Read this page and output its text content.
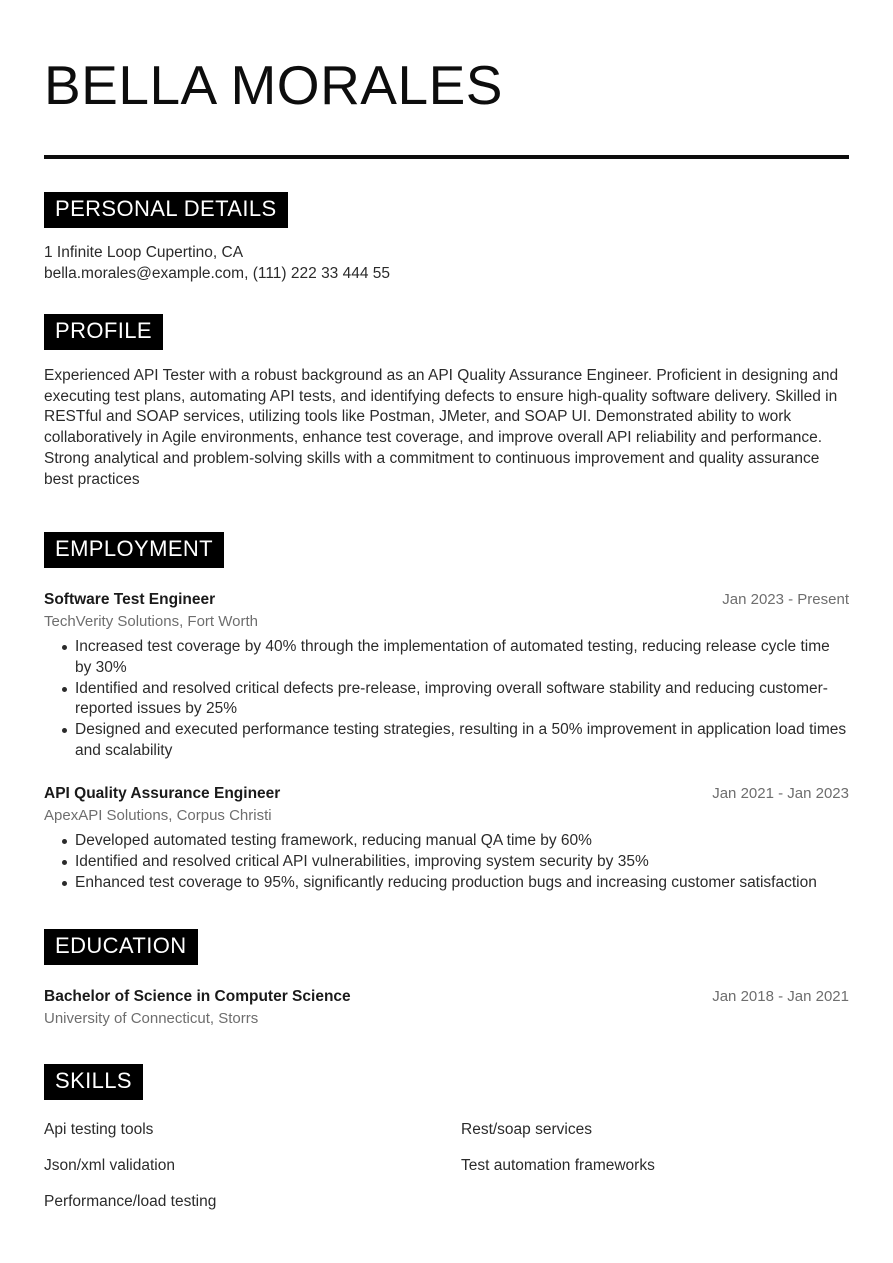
BELLA MORALES
PERSONAL DETAILS

1 Infinite Loop Cupertino, CA

bella.morales@example.com, (111) 222 33 444 55

PROFILE

Experienced API Tester with a robust background as an API Quality Assurance Engineer. Proficient in designing and executing test plans, automating API tests, and identifying defects to ensure high-quality software delivery. Skilled in RESTful and SOAP services, utilizing tools like Postman, JMeter, and SOAP UI. Demonstrated ability to work collaboratively in Agile environments, enhance test coverage, and improve overall API reliability and performance. Strong analytical and problem-solving skills with a commitment to continuous improvement and quality assurance best practices

EMPLOYMENT
Software Test Engineer	Jan 2023 - Present
TechVerity Solutions, Fort Worth
Increased test coverage by 40% through the implementation of automated testing, reducing release cycle time by 30%
Identified and resolved critical defects pre-release, improving overall software stability and reducing customer-reported issues by 25%
Designed and executed performance testing strategies, resulting in a 50% improvement in application load times and scalability
API Quality Assurance Engineer	Jan 2021 - Jan 2023
ApexAPI Solutions, Corpus Christi
Developed automated testing framework, reducing manual QA time by 60%
Identified and resolved critical API vulnerabilities, improving system security by 35%
Enhanced test coverage to 95%, significantly reducing production bugs and increasing customer satisfaction
EDUCATION
Bachelor of Science in Computer Science	Jan 2018 - Jan 2021
University of Connecticut, Storrs
SKILLS
Api testing tools	Rest/soap services
Json/xml validation	Test automation frameworks
Performance/load testing
